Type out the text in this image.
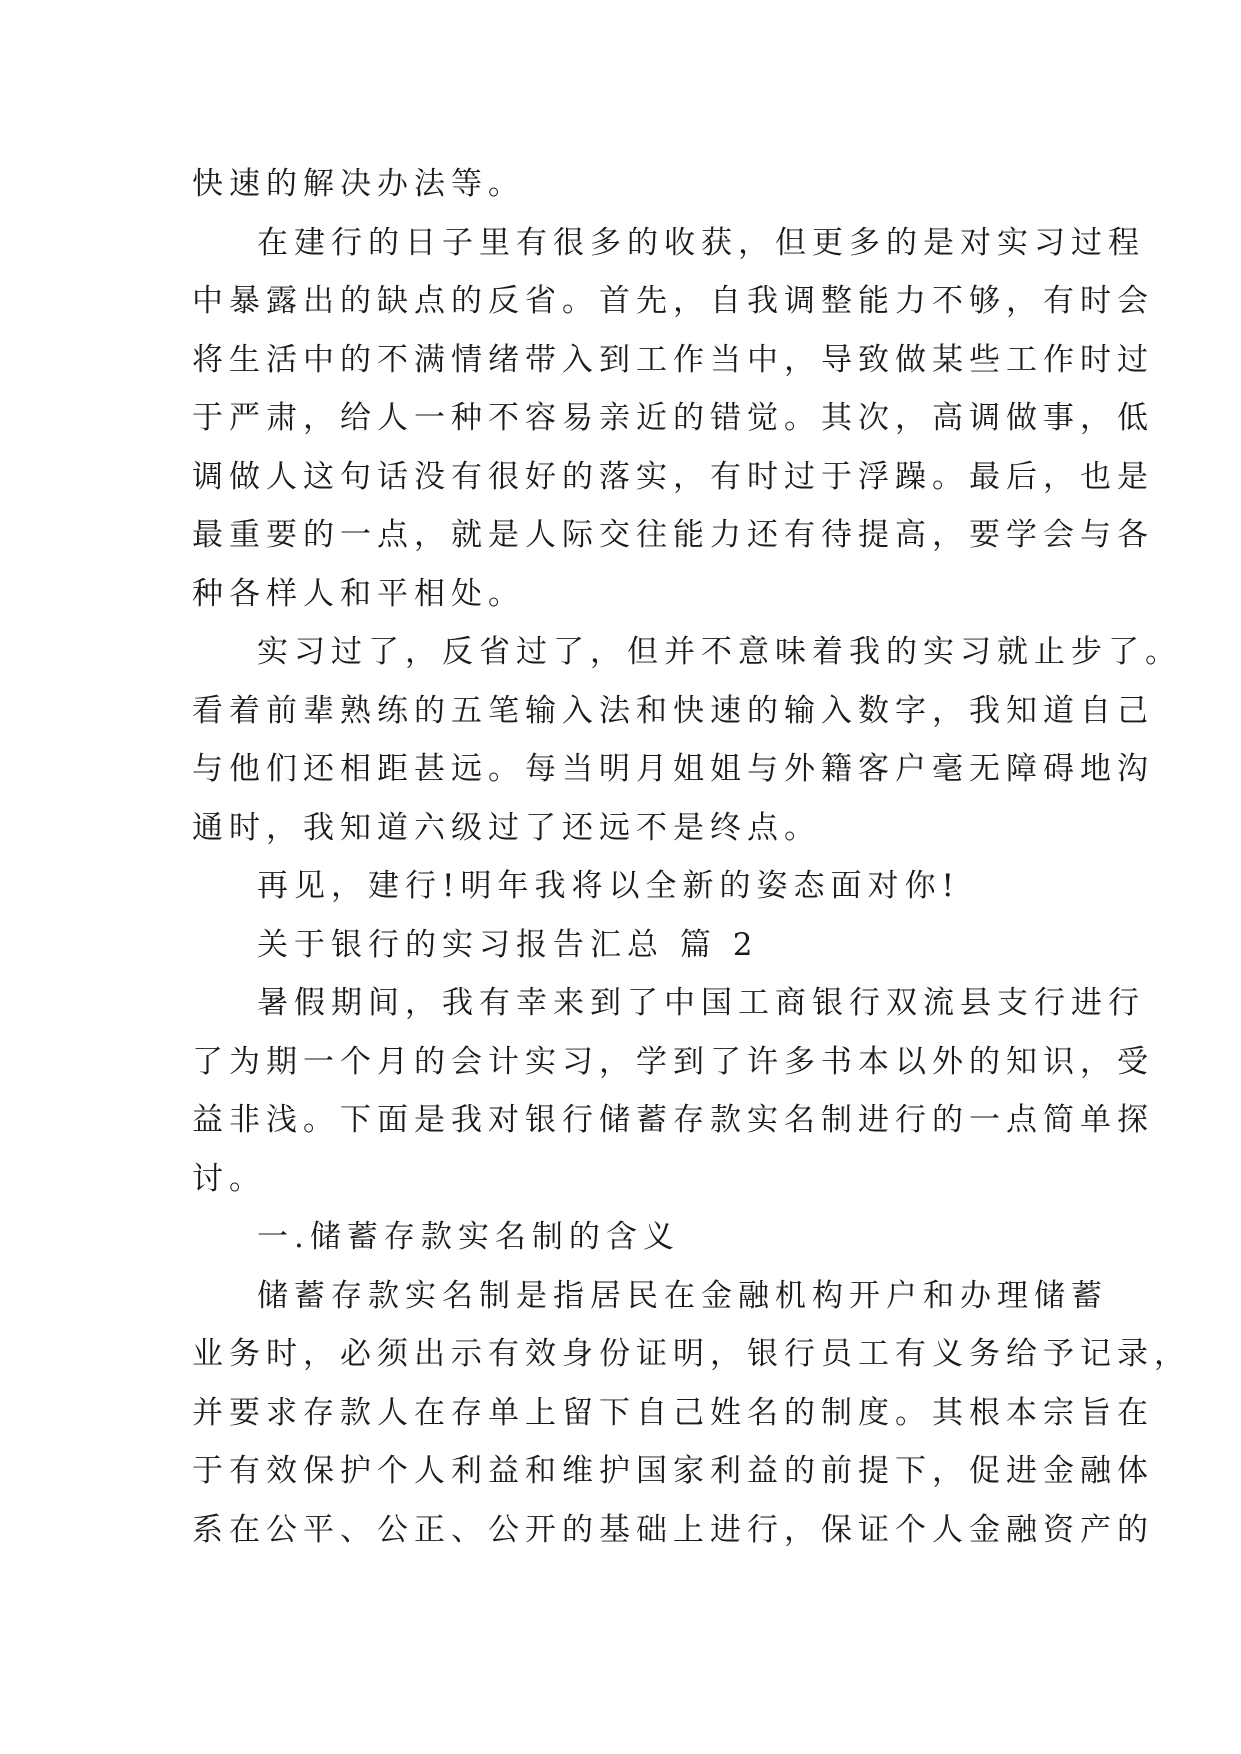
快速的解决办法等。
在建行的日子里有很多的收获，但更多的是对实习过程
中暴露出的缺点的反省。首先，自我调整能力不够，有时会
将生活中的不满情绪带入到工作当中，导致做某些工作时过
于严肃，给人一种不容易亲近的错觉。其次，高调做事，低
调做人这句话没有很好的落实，有时过于浮躁。最后，也是
最重要的一点，就是人际交往能力还有待提高，要学会与各
种各样人和平相处。
实习过了，反省过了，但并不意味着我的实习就止步了。
看着前辈熟练的五笔输入法和快速的输入数字，我知道自己
与他们还相距甚远。每当明月姐姐与外籍客户毫无障碍地沟
通时，我知道六级过了还远不是终点。
再见，建行!明年我将以全新的姿态面对你!
关于银行的实习报告汇总 篇 2
暑假期间，我有幸来到了中国工商银行双流县支行进行
了为期一个月的会计实习，学到了许多书本以外的知识，受
益非浅。下面是我对银行储蓄存款实名制进行的一点简单探
讨。
一.储蓄存款实名制的含义
储蓄存款实名制是指居民在金融机构开户和办理储蓄
业务时，必须出示有效身份证明，银行员工有义务给予记录，
并要求存款人在存单上留下自己姓名的制度。其根本宗旨在
于有效保护个人利益和维护国家利益的前提下，促进金融体
系在公平、公正、公开的基础上进行，保证个人金融资产的
